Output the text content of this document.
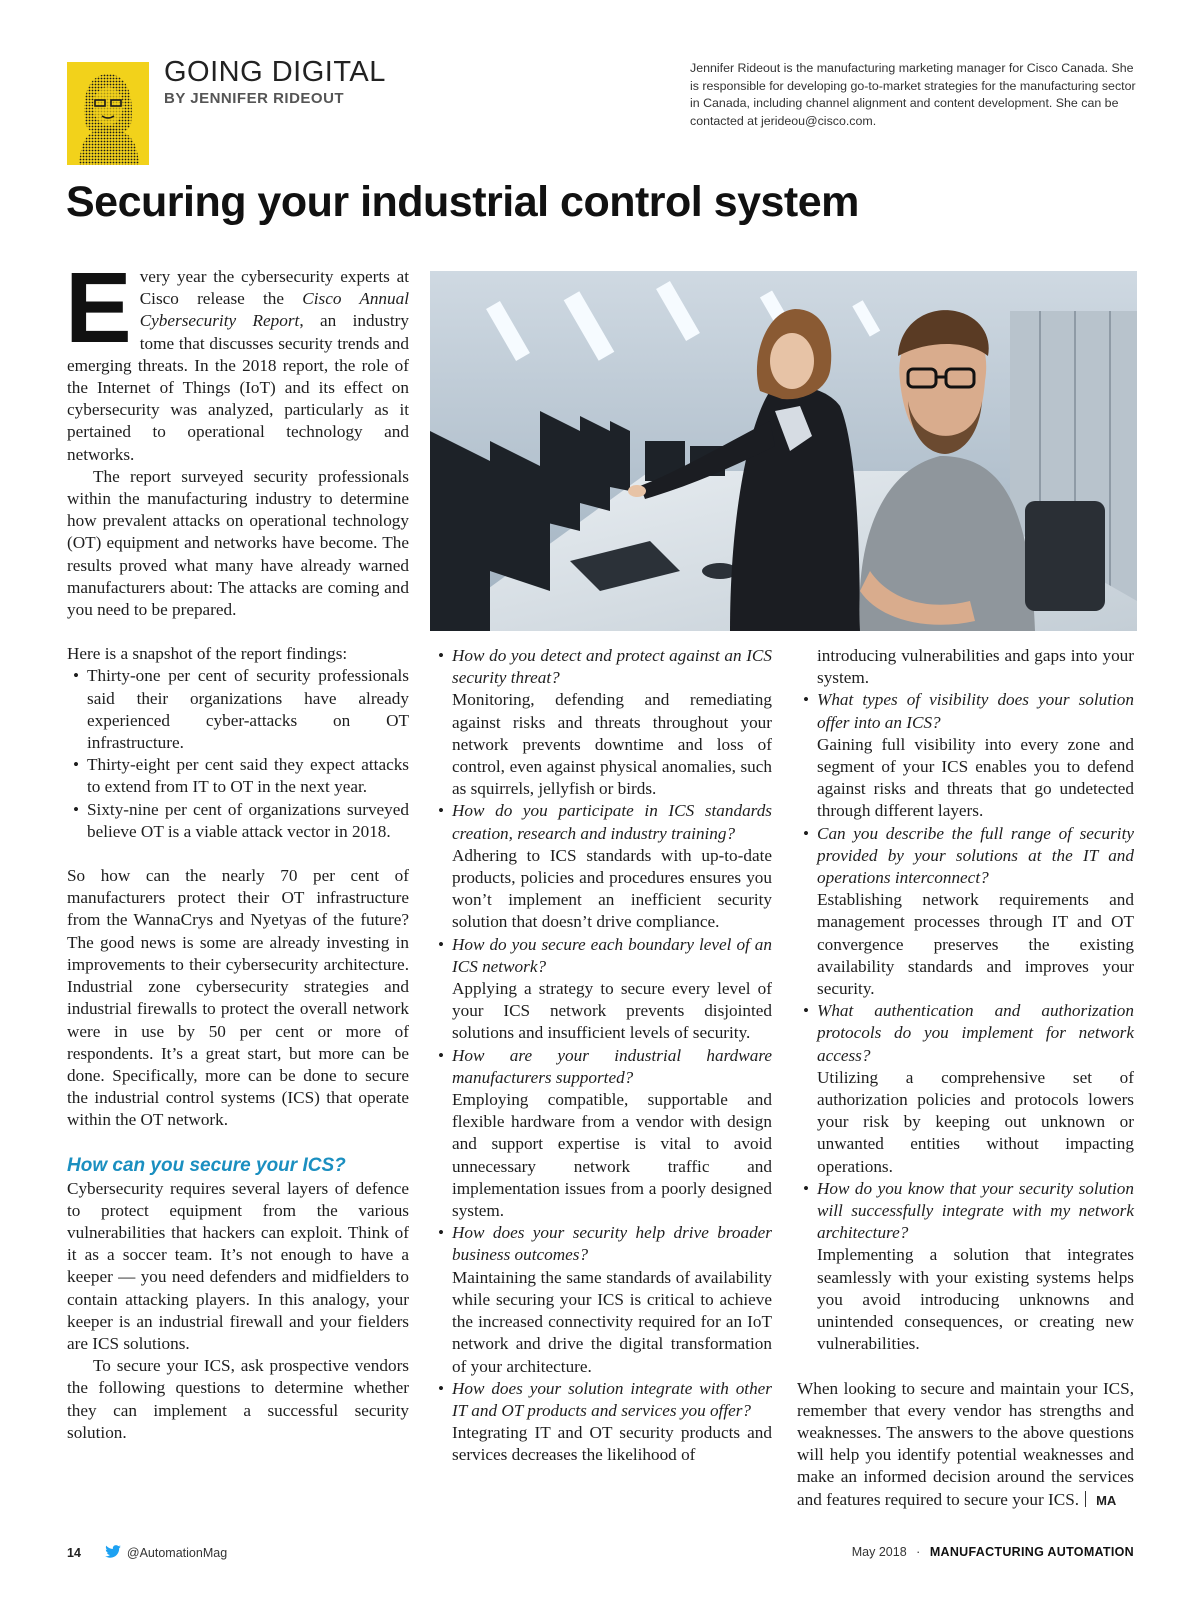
GOING DIGITAL
BY JENNIFER RIDEOUT
Jennifer Rideout is the manufacturing marketing manager for Cisco Canada. She is responsible for developing go-to-market strategies for the manufacturing sector in Canada, including channel alignment and content development. She can be contacted at jerideou@cisco.com.
Securing your industrial control system

Every year the cybersecurity experts at Cisco release the Cisco Annual Cybersecurity Report, an industry tome that discusses security trends and emerging threats. In the 2018 report, the role of the Internet of Things (IoT) and its effect on cybersecurity was analyzed, particularly as it pertained to operational technology and networks.

The report surveyed security professionals within the manufacturing industry to determine how prevalent attacks on operational technology (OT) equipment and networks have become. The results proved what many have already warned manufacturers about: The attacks are coming and you need to be prepared.

Here is a snapshot of the report findings:

• Thirty-one per cent of security professionals said their organizations have already experienced cyber-attacks on OT infrastructure.
• Thirty-eight per cent said they expect attacks to extend from IT to OT in the next year.
• Sixty-nine per cent of organizations surveyed believe OT is a viable attack vector in 2018.

So how can the nearly 70 per cent of manufacturers protect their OT infrastructure from the WannaCrys and Nyetyas of the future? The good news is some are already investing in improvements to their cybersecurity architecture. Industrial zone cybersecurity strategies and industrial firewalls to protect the overall network were in use by 50 per cent or more of respondents. It’s a great start, but more can be done. Specifically, more can be done to secure the industrial control systems (ICS) that operate within the OT network.

How can you secure your ICS?

Cybersecurity requires several layers of defence to protect equipment from the various vulnerabilities that hackers can exploit. Think of it as a soccer team. It’s not enough to have a keeper — you need defenders and midfielders to contain attacking players. In this analogy, your keeper is an industrial firewall and your fielders are ICS solutions.

To secure your ICS, ask prospective vendors the following questions to determine whether they can implement a successful security solution.

• How do you detect and protect against an ICS security threat?
Monitoring, defending and remediating against risks and threats throughout your network prevents downtime and loss of control, even against physical anomalies, such as squirrels, jellyfish or birds.
• How do you participate in ICS standards creation, research and industry training?
Adhering to ICS standards with up-to-date products, policies and procedures ensures you won’t implement an inefficient security solution that doesn’t drive compliance.
• How do you secure each boundary level of an ICS network?
Applying a strategy to secure every level of your ICS network prevents disjointed solutions and insufficient levels of security.
• How are your industrial hardware manufacturers supported?
Employing compatible, supportable and flexible hardware from a vendor with design and support expertise is vital to avoid unnecessary network traffic and implementation issues from a poorly designed system.
• How does your security help drive broader business outcomes?
Maintaining the same standards of availability while securing your ICS is critical to achieve the increased connectivity required for an IoT network and drive the digital transformation of your architecture.
• How does your solution integrate with other IT and OT products and services you offer?
Integrating IT and OT security products and services decreases the likelihood of
introducing vulnerabilities and gaps into your system.
• What types of visibility does your solution offer into an ICS?
Gaining full visibility into every zone and segment of your ICS enables you to defend against risks and threats that go undetected through different layers.
• Can you describe the full range of security provided by your solutions at the IT and operations interconnect?
Establishing network requirements and management processes through IT and OT convergence preserves the existing availability standards and improves your security.
• What authentication and authorization protocols do you implement for network access?
Utilizing a comprehensive set of authorization policies and protocols lowers your risk by keeping out unknown or unwanted entities without impacting operations.
• How do you know that your security solution will successfully integrate with my network architecture?
Implementing a solution that integrates seamlessly with your existing systems helps you avoid introducing unknowns and unintended consequences, or creating new vulnerabilities.

When looking to secure and maintain your ICS, remember that every vendor has strengths and weaknesses. The answers to the above questions will help you identify potential weaknesses and make an informed decision around the services and features required to secure your ICS. MA

14	@AutomationMag	May 2018 · MANUFACTURING AUTOMATION
